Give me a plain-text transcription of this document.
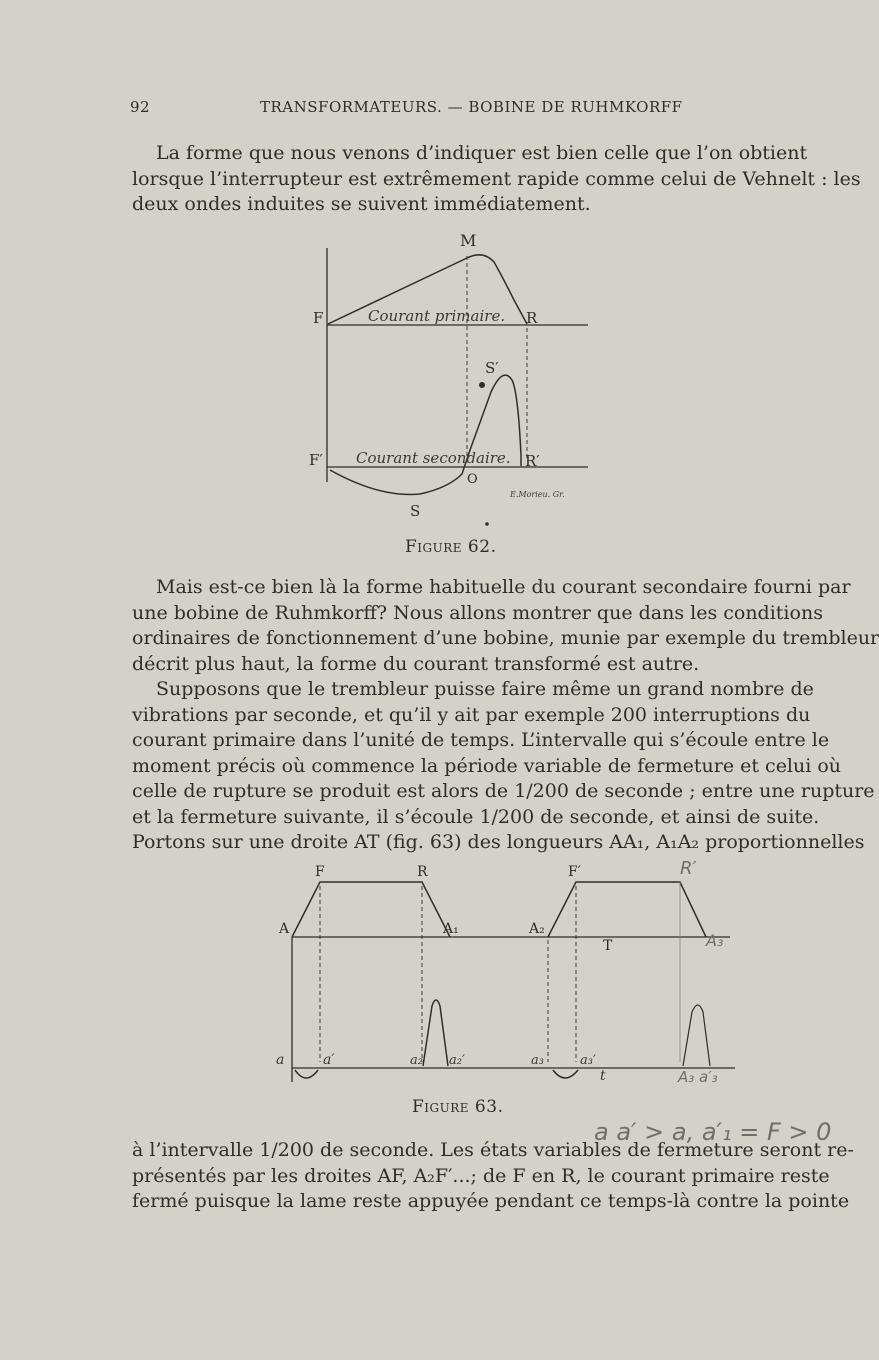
92	TRANSFORMATEURS. — BOBINE DE RUHMKORFF

La forme que nous venons d’indiquer est bien celle que l’on obtient
lorsque l’interrupteur est extrêmement rapide comme celui de Vehnelt : les
deux ondes induites se suivent immédiatement.

M
F	R
S′
F′	R′
O
S
Courant primaire.
Courant secondaire.
E.Morieu. Gr.
Figure 62.

Mais est-ce bien là la forme habituelle du courant secondaire fourni par
une bobine de Ruhmkorff? Nous allons montrer que dans les conditions
ordinaires de fonctionnement d’une bobine, munie par exemple du trembleur
décrit plus haut, la forme du courant transformé est autre.

Supposons que le trembleur puisse faire même un grand nombre de
vibrations par seconde, et qu’il y ait par exemple 200 interruptions du
courant primaire dans l’unité de temps. L’intervalle qui s’écoule entre le
moment précis où commence la période variable de fermeture et celui où
celle de rupture se produit est alors de 1/200 de seconde ; entre une rupture
et la fermeture suivante, il s’écoule 1/200 de seconde, et ainsi de suite.
Portons sur une droite AT (fig. 63) des longueurs AA₁, A₁A₂ proportionnelles

F	R	F′	R′
A	A₁	A₂
A₃
T
a	a′	a₂ a₂′	a₃	a₃′
t	A₃ a′₃
Figure 63.
a a′ > a, a′₁ = F > 0

à l’intervalle 1/200 de seconde. Les états variables de fermeture seront re-
présentés par les droites AF, A₂F′...; de F en R, le courant primaire reste
fermé puisque la lame reste appuyée pendant ce temps-là contre la pointe
